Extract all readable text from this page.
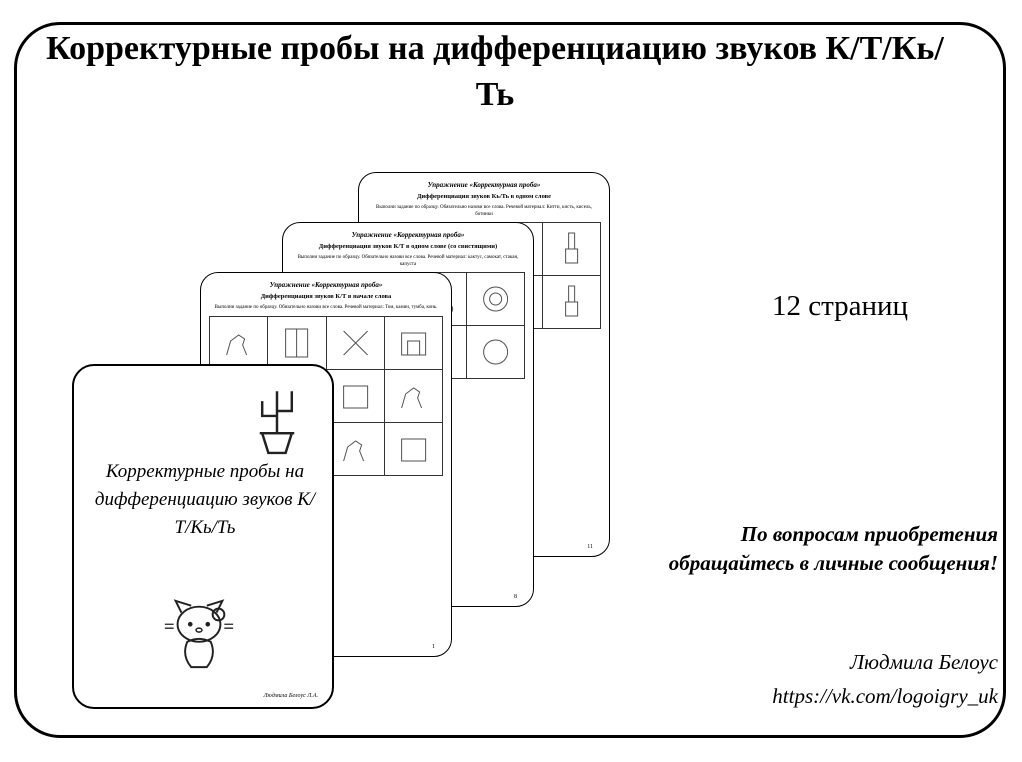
Корректурные пробы на дифференциацию звуков К/Т/Кь/Ть
Упражнение «Корректурная проба»
Дифференциация звуков Кь/Ть в одном слове
Выполни задание по образцу. Обязательно назови все слова. Речевой материал: Китти, кисть, кисель, ботинки
11
Упражнение «Корректурная проба»
Дифференциация звуков К/Т в одном слове (со свистящими)
Выполни задание по образцу. Обязательно назови все слова. Речевой материал: кактус, самокат, стакан, капуста
8
Упражнение «Корректурная проба»
Дифференциация звуков К/Т в начале слова
Выполни задание по образцу. Обязательно назови все слова. Речевой материал: Том, камин, тумба, конь.
1
Корректурные пробы на дифференциацию звуков К/Т/Кь/Ть
Людмила Белоус Л.А.
12 страниц
По вопросам приобретения обращайтесь в личные сообщения!
Людмила Белоус
https://vk.com/logoigry_uk
